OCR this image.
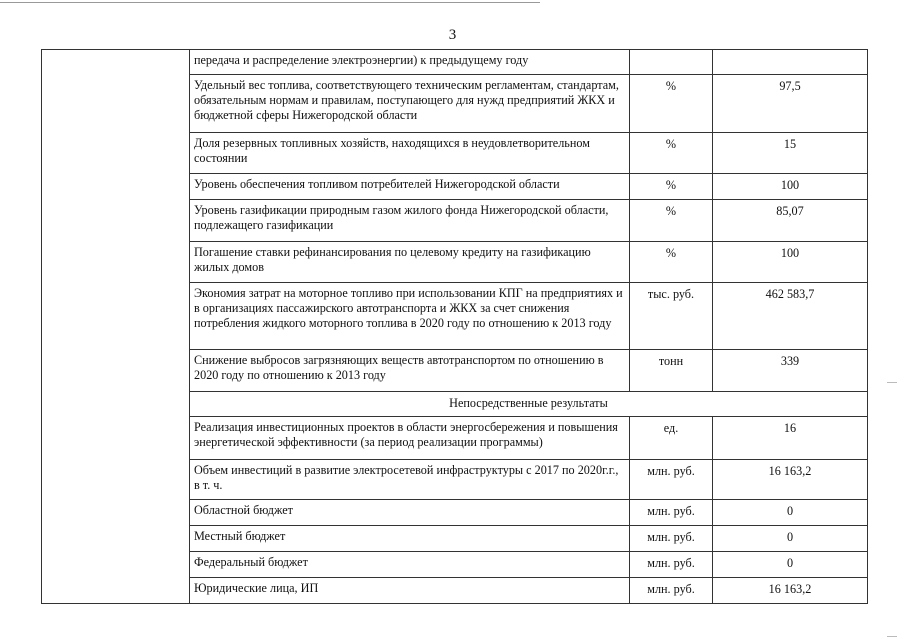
3
	передача и распределение электроэнергии) к предыдущему году		
	Удельный вес топлива, соответствующего техническим регламентам, стандартам, обязательным нормам и правилам, поступающего для нужд предприятий ЖКХ и бюджетной сферы Нижегородской области	%	97,5
	Доля резервных топливных хозяйств, находящихся в неудовлетворительном состоянии	%	15
	Уровень обеспечения топливом потребителей Нижегородской области	%	100
	Уровень газификации природным газом жилого фонда Нижегородской области, подлежащего газификации	%	85,07
	Погашение ставки рефинансирования по целевому кредиту на газификацию жилых домов	%	100
	Экономия затрат на моторное топливо при использовании КПГ на предприятиях и в организациях пассажирского автотранспорта и ЖКХ за счет снижения потребления жидкого моторного топлива в 2020 году по отношению к 2013 году	тыс. руб.	462 583,7
	Снижение выбросов загрязняющих веществ автотранспортом по отношению в 2020 году по отношению к 2013 году	тонн	339
	Непосредственные результаты		
	Реализация инвестиционных проектов в области энергосбережения и повышения энергетической эффективности (за период реализации программы)	ед.	16
	Объем инвестиций в развитие электросетевой инфраструктуры с 2017 по 2020г.г., в т. ч.	млн. руб.	16 163,2
	Областной бюджет	млн. руб.	0
	Местный бюджет	млн. руб.	0
	Федеральный бюджет	млн. руб.	0
	Юридические лица, ИП	млн. руб.	16 163,2
